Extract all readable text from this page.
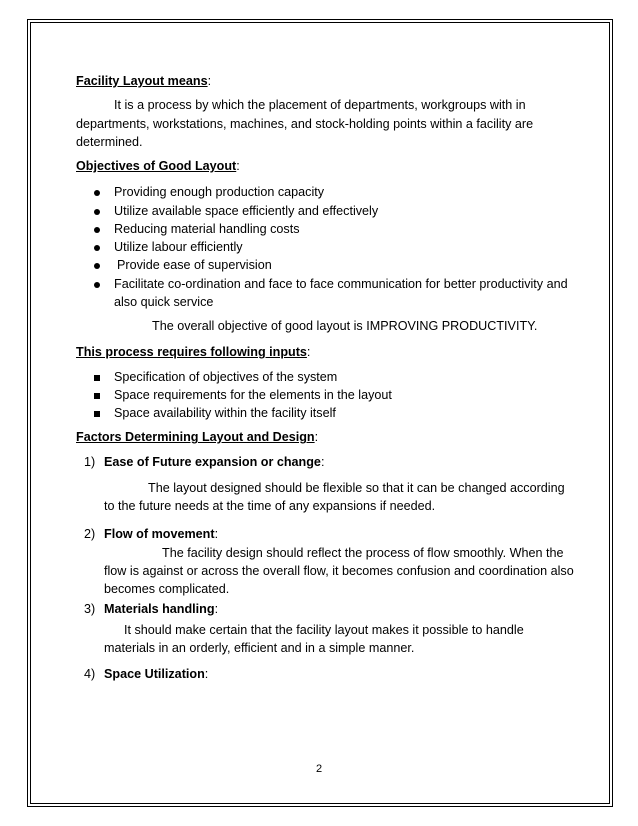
Facility Layout means:

It is a process by which the placement of departments, workgroups with in departments, workstations, machines, and stock-holding points within a facility are determined.

Objectives of Good Layout:

Providing enough production capacity
Utilize available space efficiently and effectively
Reducing material handling costs
Utilize labour efficiently
Provide ease of supervision
Facilitate co-ordination and face to face communication for better productivity and also quick service

The overall objective of good layout is IMPROVING PRODUCTIVITY.

This process requires following inputs:

Specification of objectives of the system
Space requirements for the elements in the layout
Space availability within the facility itself

Factors Determining Layout and Design:

1) Ease of Future expansion or change:

The layout designed should be flexible so that it can be changed according to the future needs at the time of any expansions if needed.

2) Flow of movement:

The facility design should reflect the process of flow smoothly. When the flow is against or across the overall flow, it becomes confusion and coordination also becomes complicated.

3) Materials handling:

It should make certain that the facility layout makes it possible to handle materials in an orderly, efficient and in a simple manner.

4) Space Utilization:
2
